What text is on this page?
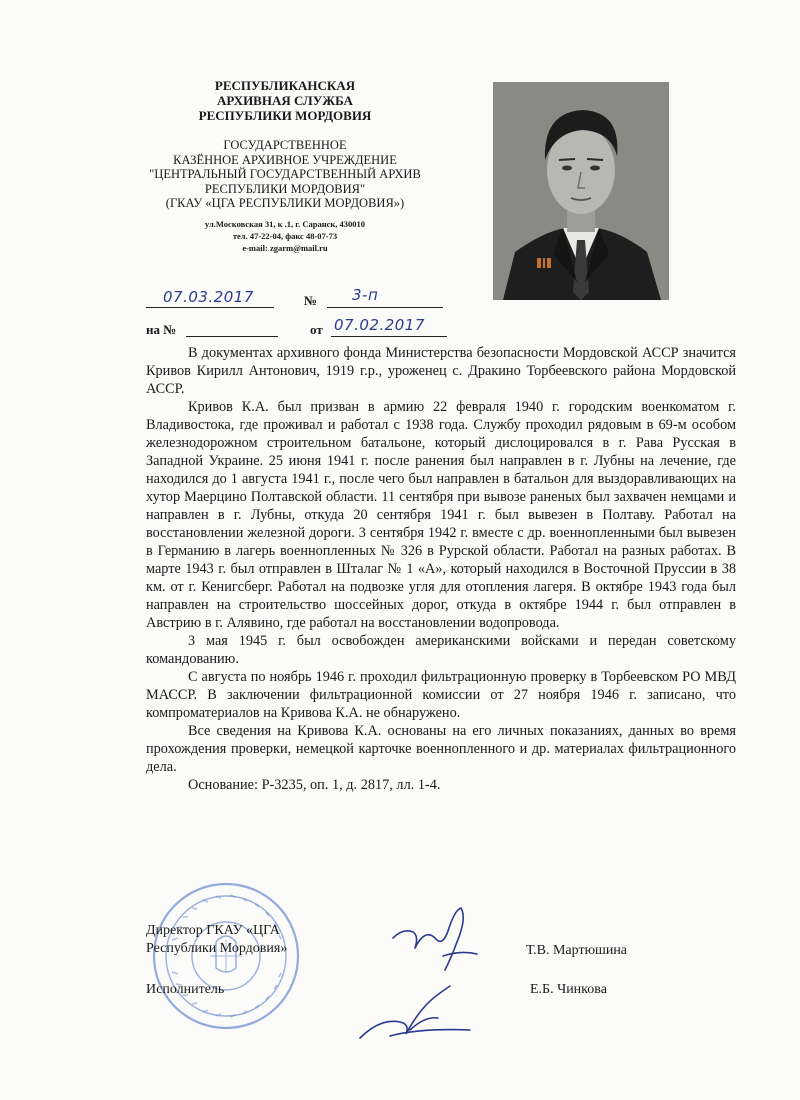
РЕСПУБЛИКАНСКАЯ
АРХИВНАЯ СЛУЖБА
РЕСПУБЛИКИ МОРДОВИЯ
ГОСУДАРСТВЕННОЕ
КАЗЁННОЕ АРХИВНОЕ УЧРЕЖДЕНИЕ
"ЦЕНТРАЛЬНЫЙ ГОСУДАРСТВЕННЫЙ АРХИВ
РЕСПУБЛИКИ МОРДОВИЯ"
(ГКАУ «ЦГА РЕСПУБЛИКИ МОРДОВИЯ»)
ул.Московская 31, к .1, г. Саранск, 430010
тел. 47-22-04, факс 48-07-73
e-mail: zgarm@mail.ru
07.03.2017	№ 3-п
на №	от 07.02.2017

В документах архивного фонда Министерства безопасности Мордовской АССР значится Кривов Кирилл Антонович, 1919 г.р., уроженец с. Дракино Торбеевского района Мордовской АССР.

Кривов К.А. был призван в армию 22 февраля 1940 г. городским военкоматом г. Владивостока, где проживал и работал с 1938 года. Службу проходил рядовым в 69-м особом железнодорожном строительном батальоне, который дислоцировался в г. Рава Русская в Западной Украине. 25 июня 1941 г. после ранения был направлен в г. Лубны на лечение, где находился до 1 августа 1941 г., после чего был направлен в батальон для выздоравливающих на хутор Маерцино Полтавской области. 11 сентября при вывозе раненых был захвачен немцами и направлен в г. Лубны, откуда 20 сентября 1941 г. был вывезен в Полтаву. Работал на восстановлении железной дороги. 3 сентября 1942 г. вместе с др. военнопленными был вывезен в Германию в лагерь военнопленных № 326 в Рурской области. Работал на разных работах. В марте 1943 г. был отправлен в Шталаг № 1 «А», который находился в Восточной Пруссии в 38 км. от г. Кенигсберг. Работал на подвозке угля для отопления лагеря. В октябре 1943 года был направлен на строительство шоссейных дорог, откуда в октябре 1944 г. был отправлен в Австрию в г. Алявино, где работал на восстановлении водопровода.

3 мая 1945 г. был освобожден американскими войсками и передан советскому командованию.

С августа по ноябрь 1946 г. проходил фильтрационную проверку в Торбеевском РО МВД МАССР. В заключении фильтрационной комиссии от 27 ноября 1946 г. записано, что компроматериалов на Кривова К.А. не обнаружено.

Все сведения на Кривова К.А. основаны на его личных показаниях, данных во время прохождения проверки, немецкой карточке военнопленного и др. материалах фильтрационного дела.

Основание: Р-3235, оп. 1, д. 2817, лл. 1-4.

Директор ГКАУ «ЦГА
Республики Мордовия»	Т.В. Мартюшина
Исполнитель	Е.Б. Чинкова
